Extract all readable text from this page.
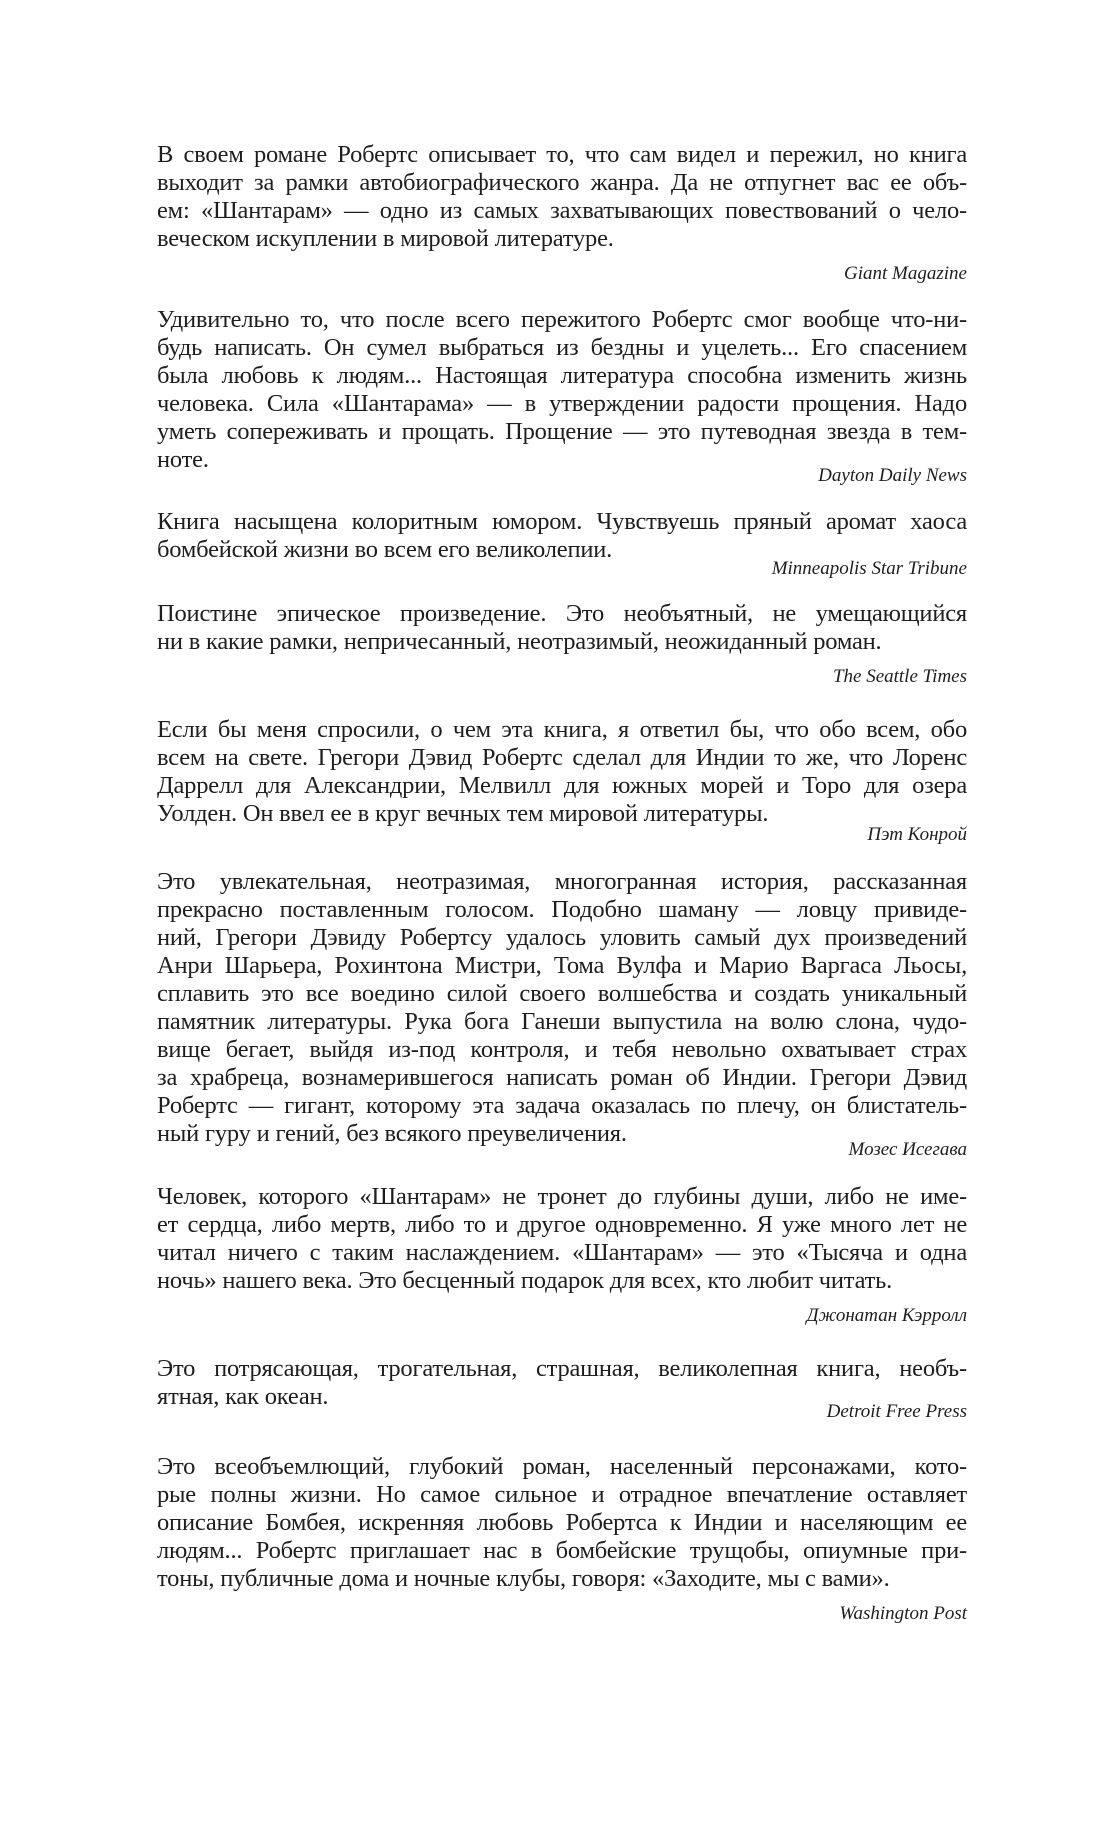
В своем романе Робертс описывает то, что сам видел и пережил, но книга
выходит за рамки автобиографического жанра. Да не отпугнет вас ее объ-
ем: «Шантарам» — одно из самых захватывающих повествований о чело-
веческом искуплении в мировой литературе.
Giant Magazine
Удивительно то, что после всего пережитого Робертс смог вообще что-ни-
будь написать. Он сумел выбраться из бездны и уцелеть... Его спасением
была любовь к людям... Настоящая литература способна изменить жизнь
человека. Сила «Шантарама» — в утверждении радости прощения. Надо
уметь сопереживать и прощать. Прощение — это путеводная звезда в тем-
ноте.
Dayton Daily News
Книга насыщена колоритным юмором. Чувствуешь пряный аромат хаоса
бомбейской жизни во всем его великолепии.
Minneapolis Star Tribune
Поистине эпическое произведение. Это необъятный, не умещающийся
ни в какие рамки, непричесанный, неотразимый, неожиданный роман.
The Seattle Times
Если бы меня спросили, о чем эта книга, я ответил бы, что обо всем, обо
всем на свете. Грегори Дэвид Робертс сделал для Индии то же, что Лоренс
Даррелл для Александрии, Мелвилл для южных морей и Торо для озера
Уолден. Он ввел ее в круг вечных тем мировой литературы.
Пэт Конрой
Это увлекательная, неотразимая, многогранная история, рассказанная
прекрасно поставленным голосом. Подобно шаману — ловцу привиде-
ний, Грегори Дэвиду Робертсу удалось уловить самый дух произведений
Анри Шарьера, Рохинтона Мистри, Тома Вулфа и Марио Варгаса Льосы,
сплавить это все воедино силой своего волшебства и создать уникальный
памятник литературы. Рука бога Ганеши выпустила на волю слона, чудо-
вище бегает, выйдя из-под контроля, и тебя невольно охватывает страх
за храбреца, вознамерившегося написать роман об Индии. Грегори Дэвид
Робертс — гигант, которому эта задача оказалась по плечу, он блистатель-
ный гуру и гений, без всякого преувеличения.
Мозес Исегава
Человек, которого «Шантарам» не тронет до глубины души, либо не име-
ет сердца, либо мертв, либо то и другое одновременно. Я уже много лет не
читал ничего с таким наслаждением. «Шантарам» — это «Тысяча и одна
ночь» нашего века. Это бесценный подарок для всех, кто любит читать.
Джонатан Кэрролл
Это потрясающая, трогательная, страшная, великолепная книга, необъ-
ятная, как океан.
Detroit Free Press
Это всеобъемлющий, глубокий роман, населенный персонажами, кото-
рые полны жизни. Но самое сильное и отрадное впечатление оставляет
описание Бомбея, искренняя любовь Робертса к Индии и населяющим ее
людям... Робертс приглашает нас в бомбейские трущобы, опиумные при-
тоны, публичные дома и ночные клубы, говоря: «Заходите, мы с вами».
Washington Post
